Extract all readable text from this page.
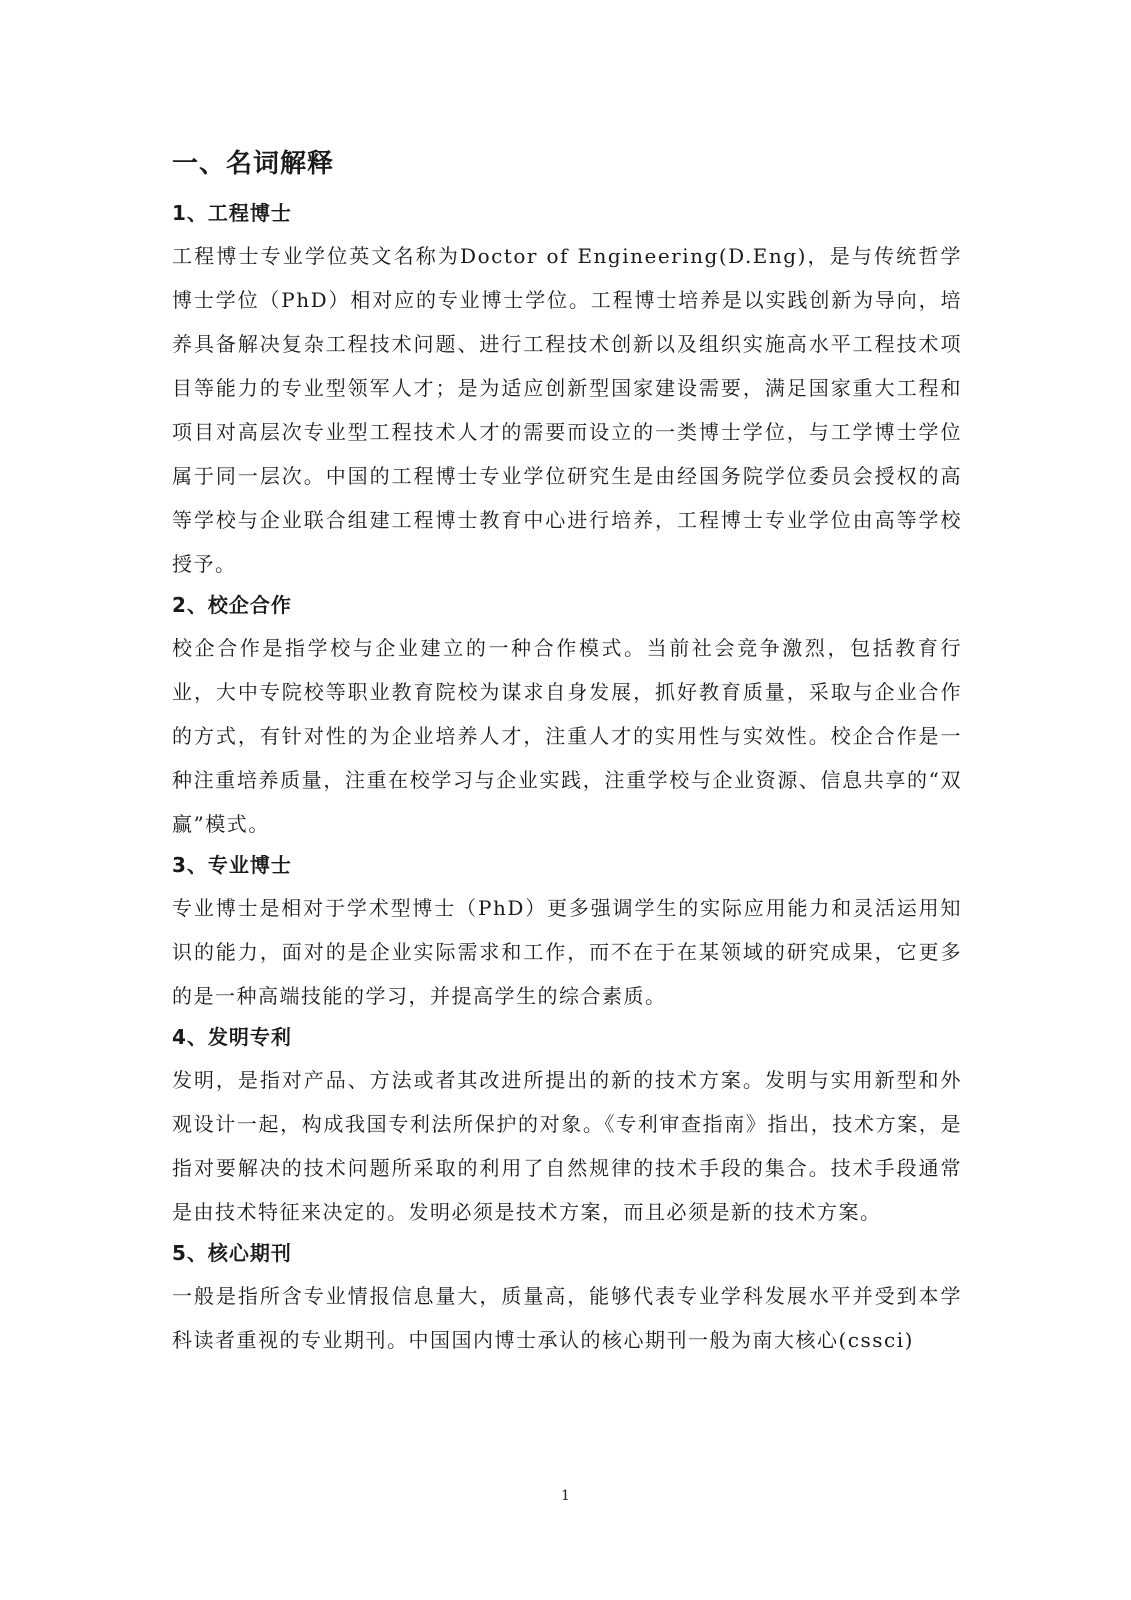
一、名词解释
1、工程博士
工程博士专业学位英文名称为Doctor of Engineering(D.Eng)，是与传统哲学博士学位（PhD）相对应的专业博士学位。工程博士培养是以实践创新为导向，培养具备解决复杂工程技术问题、进行工程技术创新以及组织实施高水平工程技术项目等能力的专业型领军人才；是为适应创新型国家建设需要，满足国家重大工程和项目对高层次专业型工程技术人才的需要而设立的一类博士学位，与工学博士学位属于同一层次。中国的工程博士专业学位研究生是由经国务院学位委员会授权的高等学校与企业联合组建工程博士教育中心进行培养，工程博士专业学位由高等学校授予。
2、校企合作
校企合作是指学校与企业建立的一种合作模式。当前社会竞争激烈，包括教育行业，大中专院校等职业教育院校为谋求自身发展，抓好教育质量，采取与企业合作的方式，有针对性的为企业培养人才，注重人才的实用性与实效性。校企合作是一种注重培养质量，注重在校学习与企业实践，注重学校与企业资源、信息共享的“双赢”模式。
3、专业博士
专业博士是相对于学术型博士（PhD）更多强调学生的实际应用能力和灵活运用知识的能力，面对的是企业实际需求和工作，而不在于在某领域的研究成果，它更多的是一种高端技能的学习，并提高学生的综合素质。
4、发明专利
发明，是指对产品、方法或者其改进所提出的新的技术方案。发明与实用新型和外观设计一起，构成我国专利法所保护的对象。《专利审查指南》指出，技术方案，是指对要解决的技术问题所采取的利用了自然规律的技术手段的集合。技术手段通常是由技术特征来决定的。发明必须是技术方案，而且必须是新的技术方案。
5、核心期刊
一般是指所含专业情报信息量大，质量高，能够代表专业学科发展水平并受到本学科读者重视的专业期刊。中国国内博士承认的核心期刊一般为南大核心(cssci)
1
